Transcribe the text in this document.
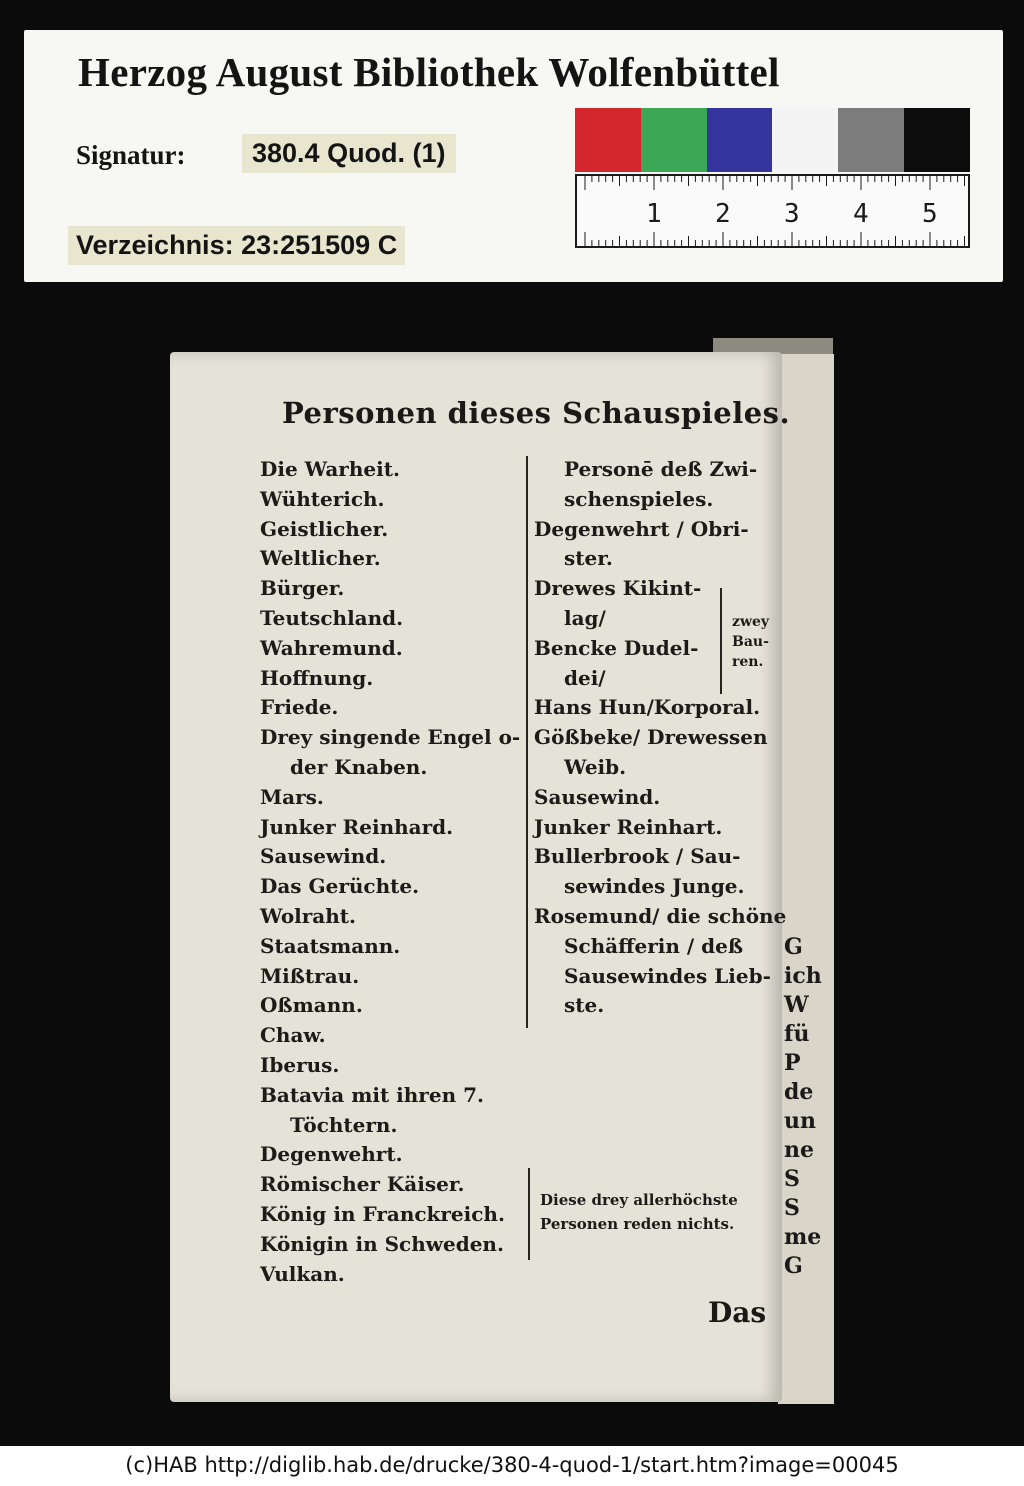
Herzog August Bibliothek Wolfenbüttel
Signatur:	380.4 Quod. (1)
Verzeichnis: 23:251509 C
1 2 3 4 5
G
ich
W
fü
P
de
un
ne
S
S
me
G
Personen dieses Schauspieles.
Die Warheit.
Wühterich.
Geistlicher.
Weltlicher.
Bürger.
Teutschland.
Wahremund.
Hoffnung.
Friede.
Drey singende Engel o-
der Knaben.
Mars.
Junker Reinhard.
Sausewind.
Das Gerüchte.
Wolraht.
Staatsmann.
Mißtrau.
Oßmann.
Chaw.
Iberus.
Batavia mit ihren 7.
Töchtern.
Degenwehrt.
Römischer Käiser.
König in Franckreich.
Königin in Schweden.
Vulkan.
Personē deß Zwi-
schenspieles.
Degenwehrt / Obri-
ster.
Drewes Kikint-
lag/
Bencke Dudel-
dei/
Hans Hun/Korporal.
Gößbeke/ Drewessen
Weib.
Sausewind.
Junker Reinhart.
Bullerbrook / Sau-
sewindes Junge.
Rosemund/ die schöne
Schäfferin / deß
Sausewindes Lieb-
ste.
zwey
Bau-
ren.
Diese drey allerhöchste Personen reden nichts.
Das
(c)HAB http://diglib.hab.de/drucke/380-4-quod-1/start.htm?image=00045
